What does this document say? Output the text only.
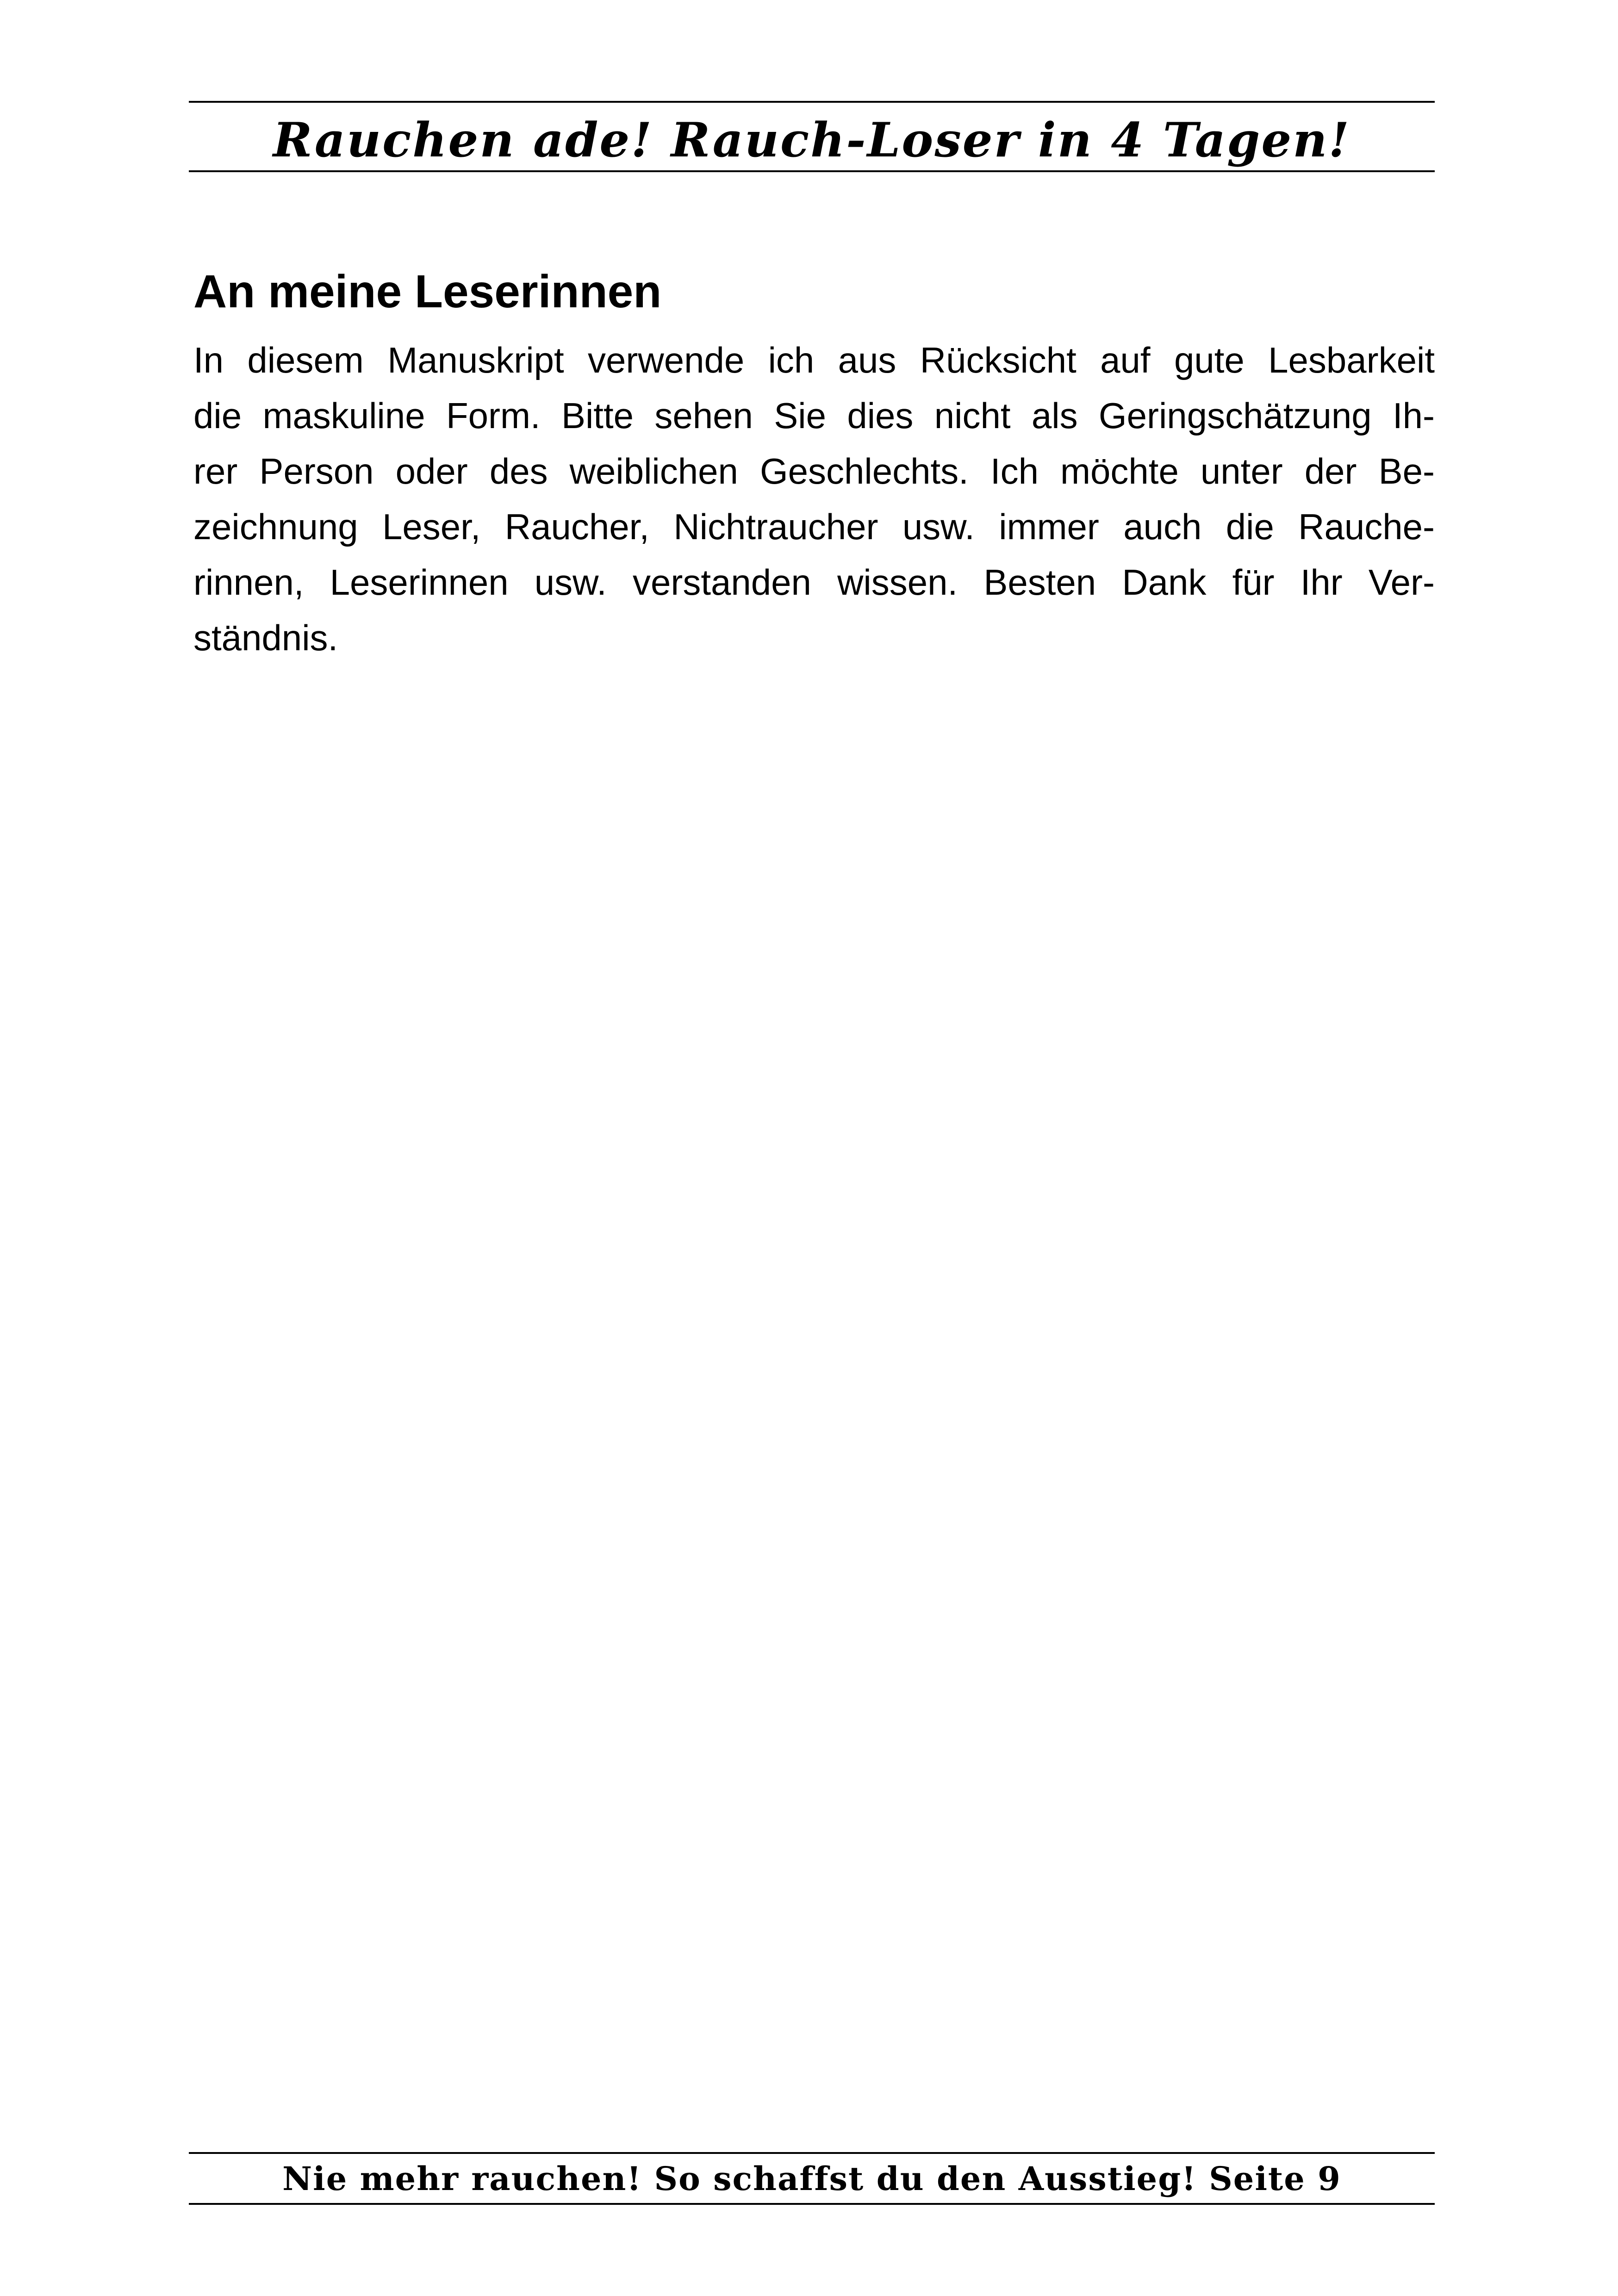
Rauchen ade! Rauch-Loser in 4 Tagen!
An meine Leserinnen
In diesem Manuskript verwende ich aus Rücksicht auf gute Lesbarkeit
die maskuline Form. Bitte sehen Sie dies nicht als Geringschätzung Ih-
rer Person oder des weiblichen Geschlechts. Ich möchte unter der Be-
zeichnung Leser, Raucher, Nichtraucher usw. immer auch die Rauche-
rinnen, Leserinnen usw. verstanden wissen. Besten Dank für Ihr Ver-
ständnis.
Nie mehr rauchen! So schaffst du den Ausstieg! Seite 9
